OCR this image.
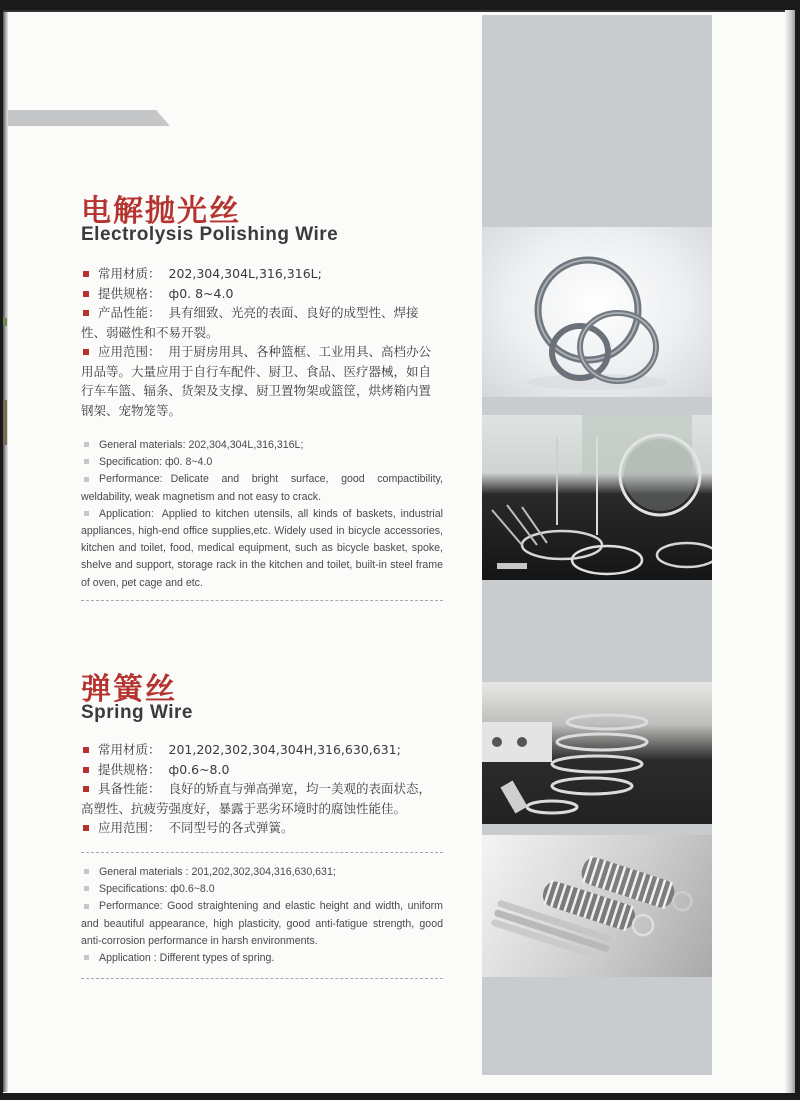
电解抛光丝
Electrolysis Polishing Wire
常用材质： 202,304,304L,316,316L;
提供规格： ф0. 8~4.0
产品性能： 具有细致、光亮的表面、良好的成型性、焊接性、弱磁性和不易开裂。
应用范围： 用于厨房用具、各种篮框、工业用具、高档办公用品等。大量应用于自行车配件、厨卫、食品、医疗器械，如自行车车篮、辐条、货架及支撑、厨卫置物架或篮筐，烘烤箱内置钢架、宠物笼等。
General materials: 202,304,304L,316,316L;
Specification: ф0. 8~4.0
Performance: Delicate and bright surface, good compactibility, weldability, weak magnetism and not easy to crack.
Application: Applied to kitchen utensils, all kinds of baskets, industrial appliances, high-end office supplies,etc. Widely used in bicycle accessories, kitchen and toilet, food, medical equipment, such as bicycle basket, spoke, shelve and support, storage rack in the kitchen and toilet, built-in steel frame of oven, pet cage and etc.
弹簧丝
Spring Wire
常用材质： 201,202,302,304,304H,316,630,631;
提供规格： ф0.6~8.0
具备性能： 良好的矫直与弹高弹宽，均一美观的表面状态，高塑性、抗疲劳强度好，暴露于恶劣环境时的腐蚀性能佳。
应用范围： 不同型号的各式弹簧。
General materials : 201,202,302,304,316,630,631;
Specifications: ф0.6~8.0
Performance: Good straightening and elastic height and width, uniform and beautiful appearance, high plasticity, good anti-fatigue strength, good anti-corrosion performance in harsh environments.
Application : Different types of spring.
